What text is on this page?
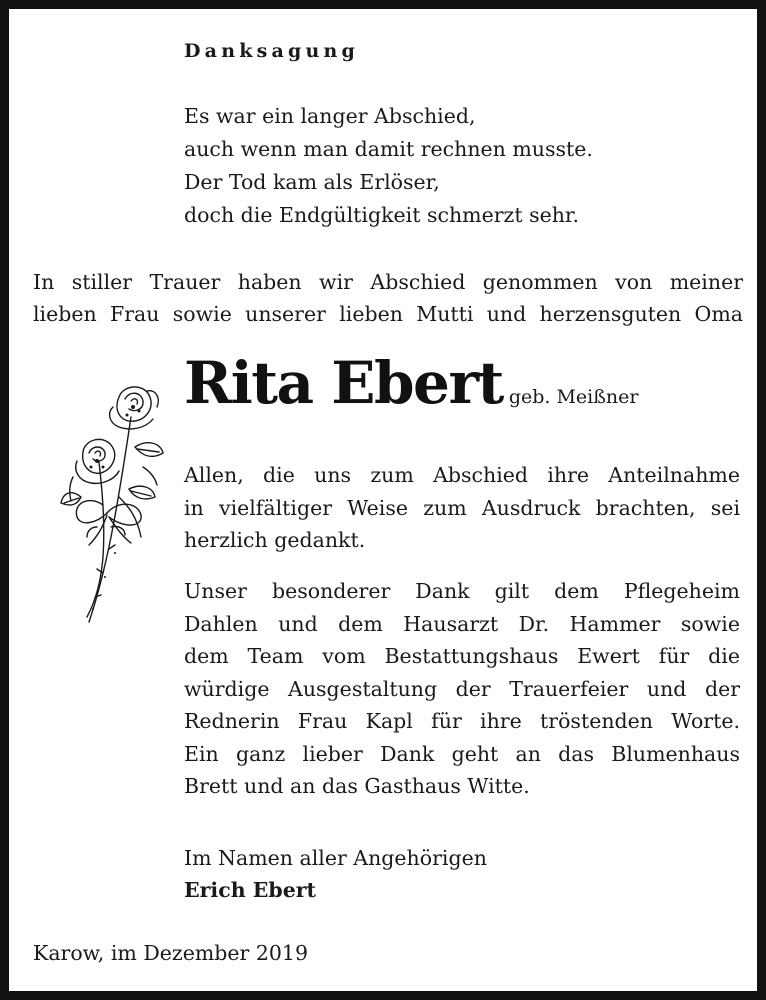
Danksagung
Es war ein langer Abschied,
auch wenn man damit rechnen musste.
Der Tod kam als Erlöser,
doch die Endgültigkeit schmerzt sehr.
In stiller Trauer haben wir Abschied genommen von meiner
lieben Frau sowie unserer lieben Mutti und herzensguten Oma
Rita Ebert geb. Meißner
Allen, die uns zum Abschied ihre Anteilnahme
in vielfältiger Weise zum Ausdruck brachten, sei
herzlich gedankt.
Unser besonderer Dank gilt dem Pflegeheim
Dahlen und dem Hausarzt Dr. Hammer sowie
dem Team vom Bestattungshaus Ewert für die
würdige Ausgestaltung der Trauerfeier und der
Rednerin Frau Kapl für ihre tröstenden Worte.
Ein ganz lieber Dank geht an das Blumenhaus
Brett und an das Gasthaus Witte.
Im Namen aller Angehörigen
Erich Ebert
Karow, im Dezember 2019
